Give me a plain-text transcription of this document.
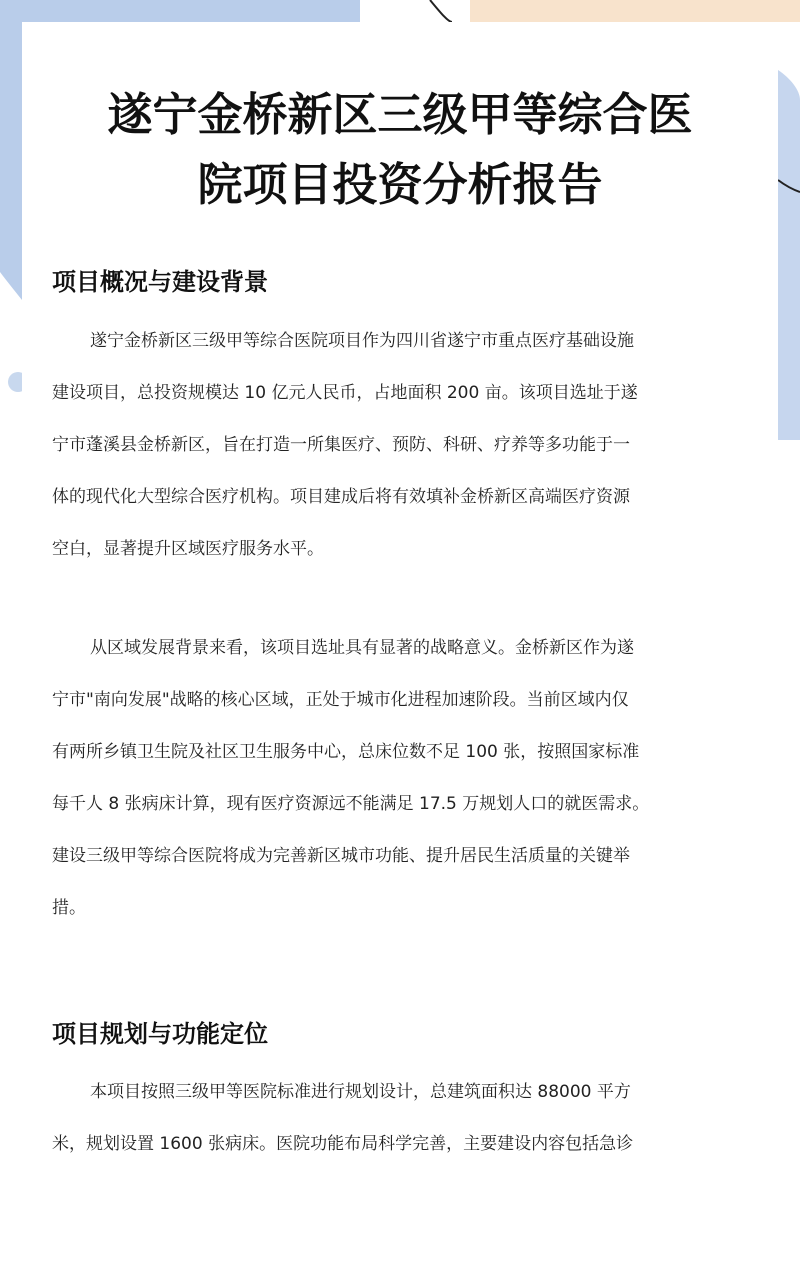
遂宁金桥新区三级甲等综合医
院项目投资分析报告
项目概况与建设背景
遂宁金桥新区三级甲等综合医院项目作为四川省遂宁市重点医疗基础设施
建设项目，总投资规模达 10 亿元人民币，占地面积 200 亩。该项目选址于遂
宁市蓬溪县金桥新区，旨在打造一所集医疗、预防、科研、疗养等多功能于一
体的现代化大型综合医疗机构。项目建成后将有效填补金桥新区高端医疗资源
空白，显著提升区域医疗服务水平。
从区域发展背景来看，该项目选址具有显著的战略意义。金桥新区作为遂
宁市"南向发展"战略的核心区域，正处于城市化进程加速阶段。当前区域内仅
有两所乡镇卫生院及社区卫生服务中心，总床位数不足 100 张，按照国家标准
每千人 8 张病床计算，现有医疗资源远不能满足 17.5 万规划人口的就医需求。
建设三级甲等综合医院将成为完善新区城市功能、提升居民生活质量的关键举
措。
项目规划与功能定位
本项目按照三级甲等医院标准进行规划设计，总建筑面积达 88000 平方
米，规划设置 1600 张病床。医院功能布局科学完善，主要建设内容包括急诊
